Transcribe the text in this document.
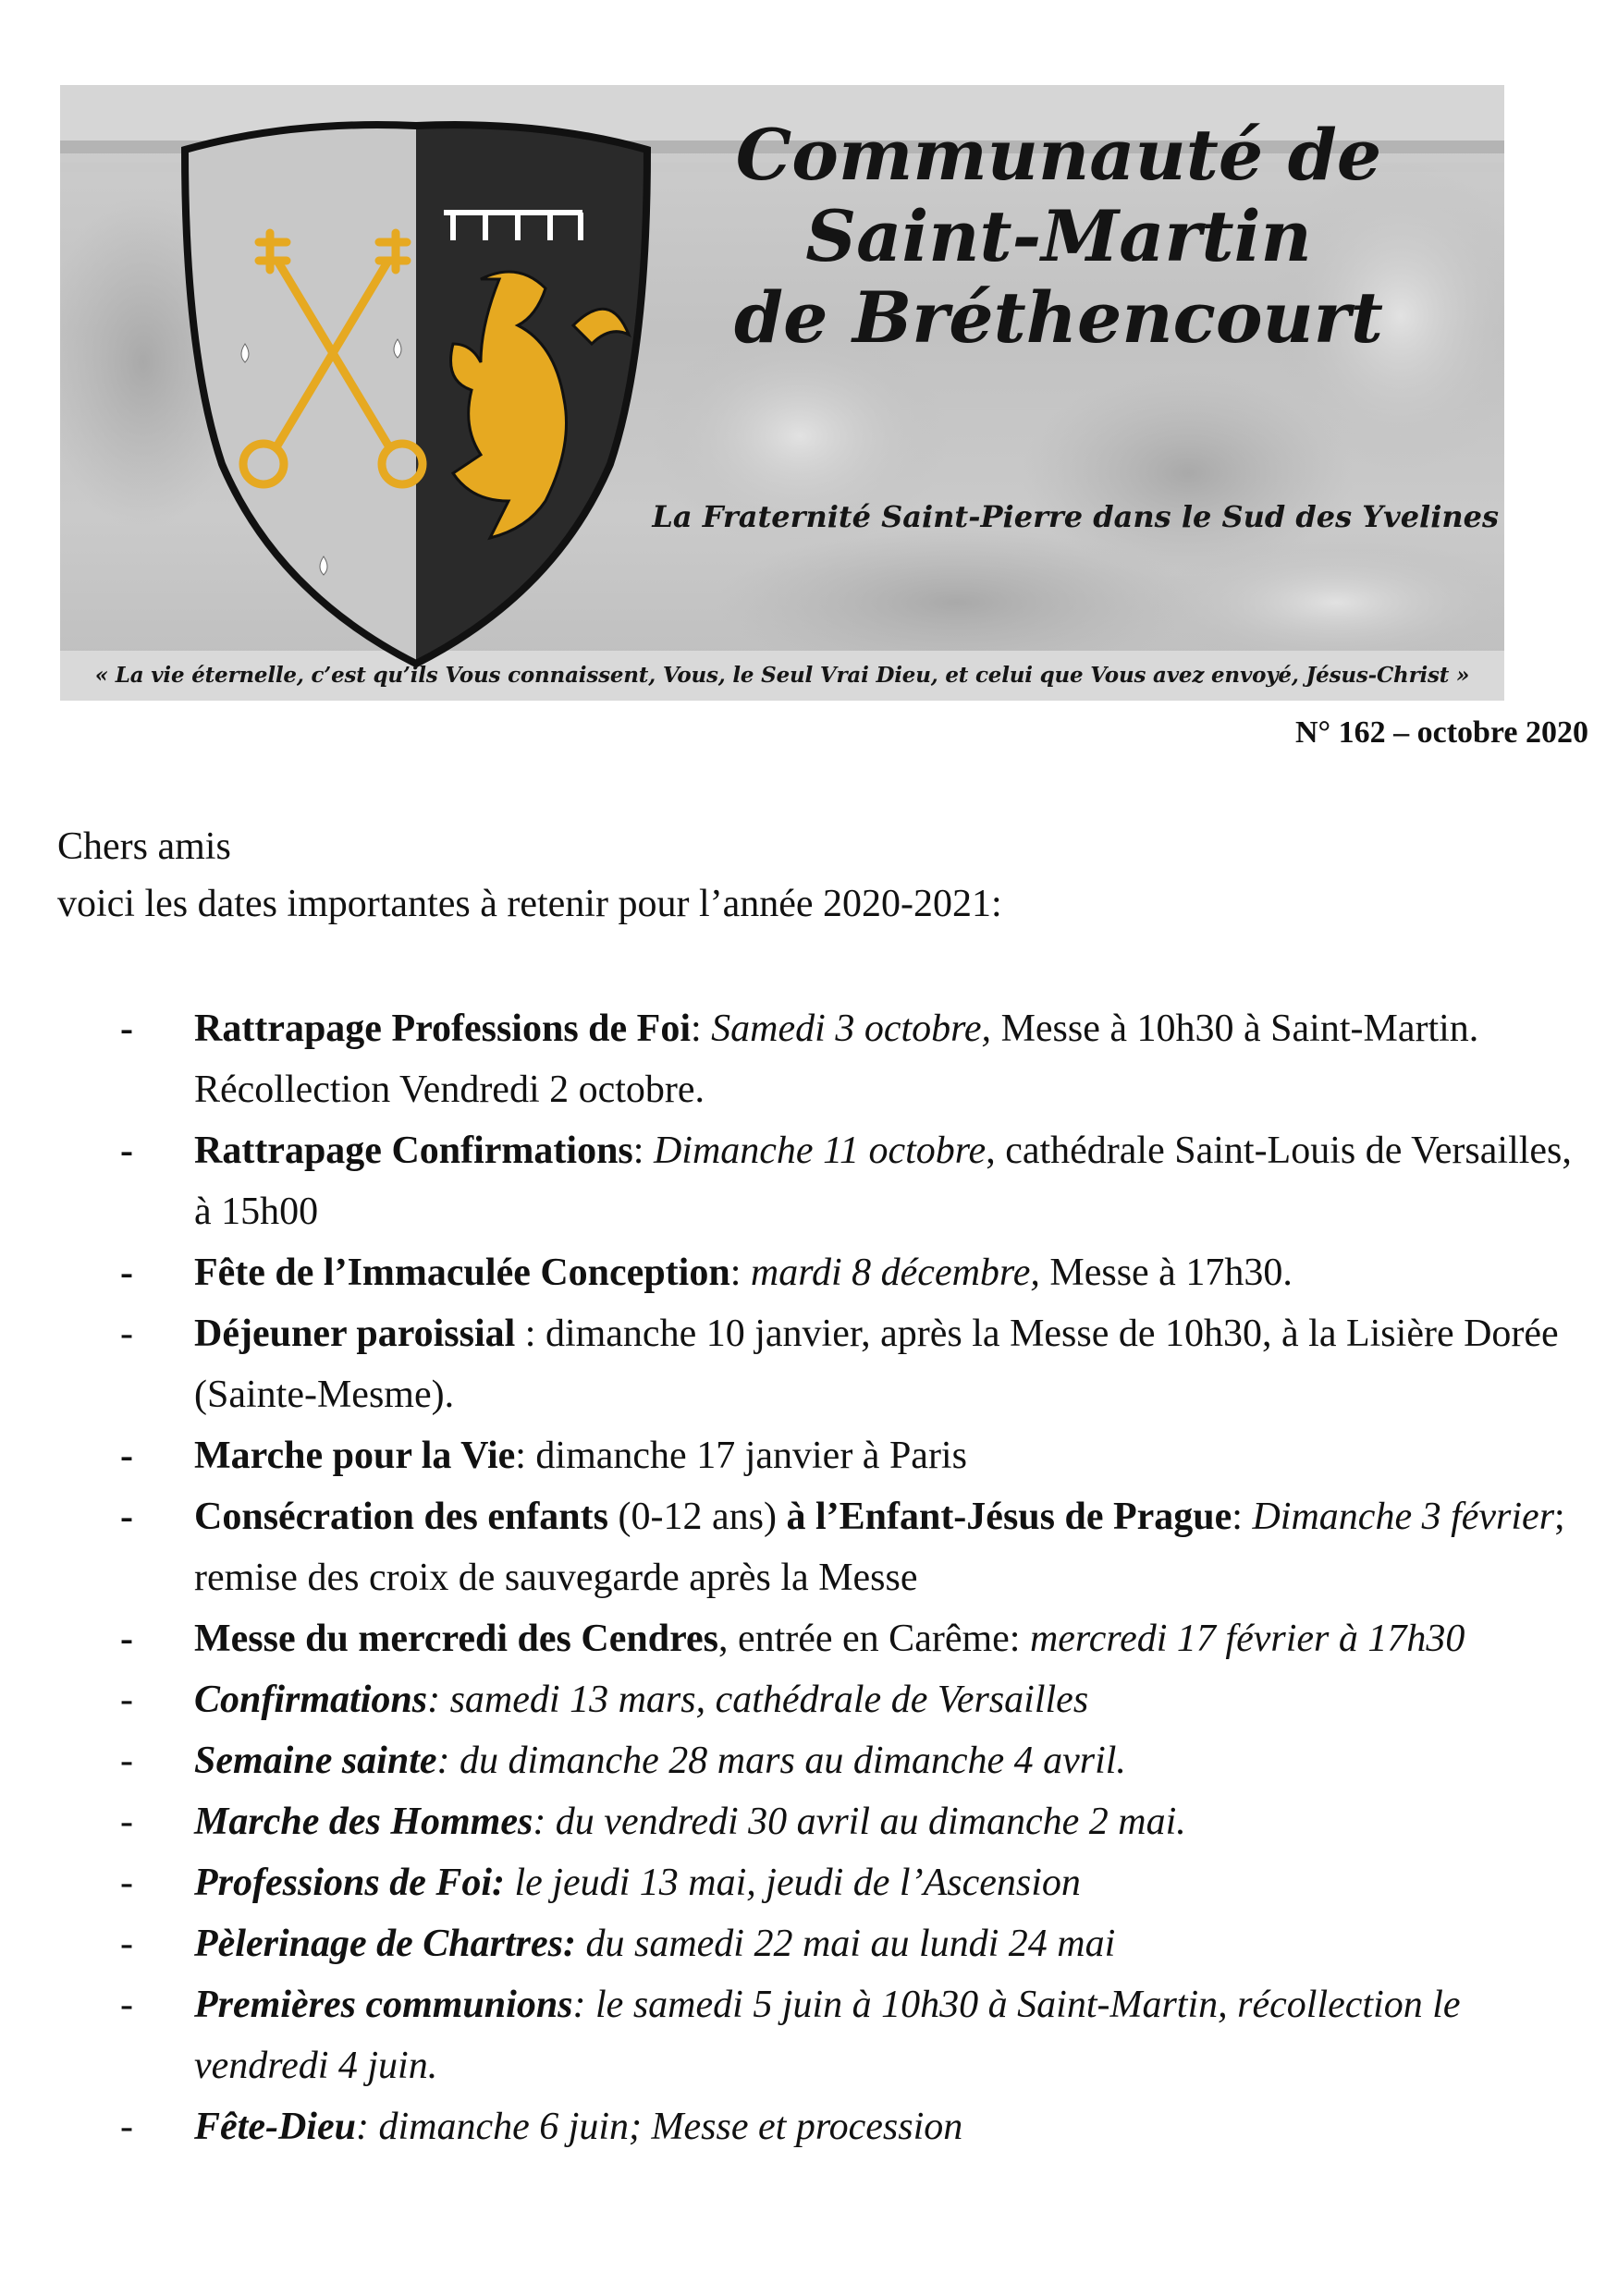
Communauté de
Saint-Martin
de Bréthencourt
La Fraternité Saint-Pierre dans le Sud des Yvelines
« La vie éternelle, c’est qu’ils Vous connaissent, Vous, le Seul Vrai Dieu, et celui que Vous avez envoyé, Jésus-Christ »
N° 162 – octobre 2020
Chers amis
voici les dates importantes à retenir pour l’année 2020-2021:
- Rattrapage Professions de Foi: Samedi 3 octobre, Messe à 10h30 à Saint-Martin. Récollection Vendredi 2 octobre.
- Rattrapage Confirmations: Dimanche 11 octobre, cathédrale Saint-Louis de Versailles, à 15h00
- Fête de l’Immaculée Conception: mardi 8 décembre, Messe à 17h30.
- Déjeuner paroissial : dimanche 10 janvier, après la Messe de 10h30, à la Lisière Dorée (Sainte-Mesme).
- Marche pour la Vie: dimanche 17 janvier à Paris
- Consécration des enfants (0-12 ans) à l’Enfant-Jésus de Prague: Dimanche 3 février; remise des croix de sauvegarde après la Messe
- Messe du mercredi des Cendres, entrée en Carême: mercredi 17 février à 17h30
- Confirmations: samedi 13 mars, cathédrale de Versailles
- Semaine sainte: du dimanche 28 mars au dimanche 4 avril.
- Marche des Hommes: du vendredi 30 avril au dimanche 2 mai.
- Professions de Foi: le jeudi 13 mai, jeudi de l’Ascension
- Pèlerinage de Chartres: du samedi 22 mai au lundi 24 mai
- Premières communions: le samedi 5 juin à 10h30 à Saint-Martin, récollection le vendredi 4 juin.
- Fête-Dieu: dimanche 6 juin; Messe et procession
